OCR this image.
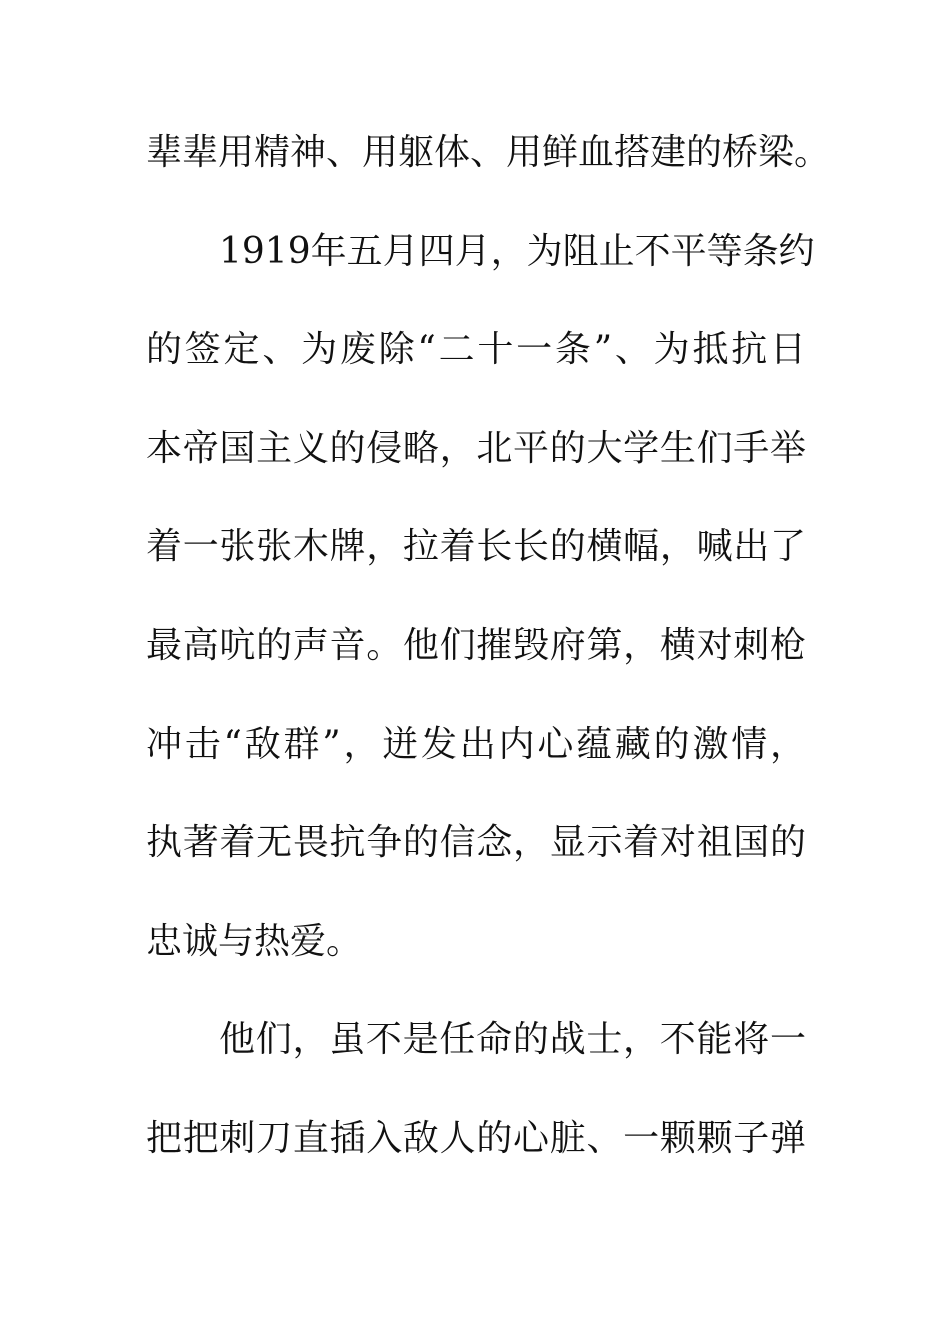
辈辈用精神、用躯体、用鲜血搭建的桥梁。
1919年五月四月，为阻止不平等条约
的签定、为废除“二十一条”、为抵抗日
本帝国主义的侵略，北平的大学生们手举
着一张张木牌，拉着长长的横幅，喊出了
最高吭的声音。他们摧毁府第，横对刺枪
冲击“敌群”，迸发出内心蕴藏的激情，
执著着无畏抗争的信念，显示着对祖国的
忠诚与热爱。
他们，虽不是任命的战士，不能将一
把把刺刀直插入敌人的心脏、一颗颗子弹
